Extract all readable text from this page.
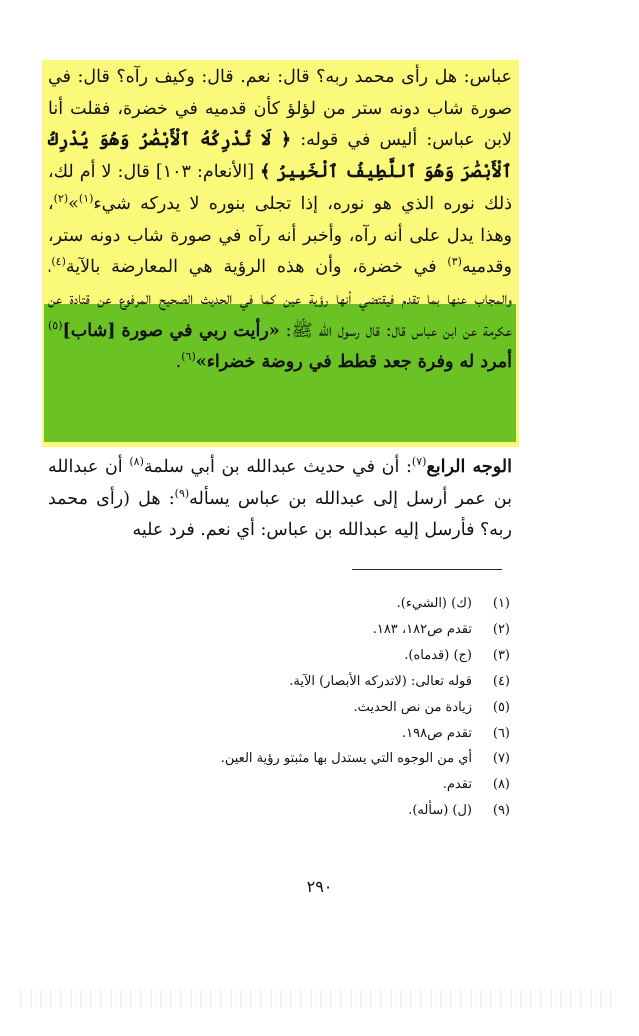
عباس: هل رأى محمد ربه؟ قال: نعم. قال: وكيف رآه؟ قال: في صورة شاب دونه ستر من لؤلؤ كأن قدميه في خضرة، فقلت أنا لابن عباس: أليس في قوله: ﴿ لَا تُدْرِكُهُ ٱلْأَبْصَٰرُ وَهُوَ يُدْرِكُ ٱلْأَبْصَٰرَ وَهُوَ ٱللَّطِيفُ ٱلْخَبِيرُ ﴾ [الأنعام: ١٠٣] قال: لا أم لك، ذلك نوره الذي هو نوره، إذا تجلى بنوره لا يدركه شيء$^{(١)}$»$^{(٢)}$، وهذا يدل على أنه رآه، وأخبر أنه رآه في صورة شاب دونه ستر، وقدميه$^{(٣)}$ في خضرة، وأن هذه الرؤية هي المعارضة بالآية$^{(٤)}$، والمجاب عنها بما تقدم فيقتضي أنها رؤية عين كما في الحديث الصحيح المرفوع عن قتادة عن عكرمة عن ابن عباس قال: قال رسول الله ﷺ: «رأيت ربي في صورة [شاب]$^{(٥)}$ أمرد له وفرة جعد قطط في روضة خضراء»$^{(٦)}$.
الوجه الرابع$^{(٧)}$: أن في حديث عبدالله بن أبي سلمة$^{(٨)}$ أن عبدالله بن عمر أرسل إلى عبدالله بن عباس يسأله$^{(٩)}$: هل (رأى محمد ربه؟ فأرسل إليه عبدالله بن عباس: أي نعم. فرد عليه
(١)
(ك) (الشيء).
(٢)
تقدم ص١٨٢، ١٨٣.
(٣)
(ج) (قدماه).
(٤)
قوله تعالى: (لاتدركه الأبصار) الآية.
(٥)
زيادة من نص الحديث.
(٦)
تقدم ص١٩٨.
(٧)
أي من الوجوه التي يستدل بها مثبتو رؤية العين.
(٨)
تقدم.
(٩)
(ل) (سأله).
٢٩٠
